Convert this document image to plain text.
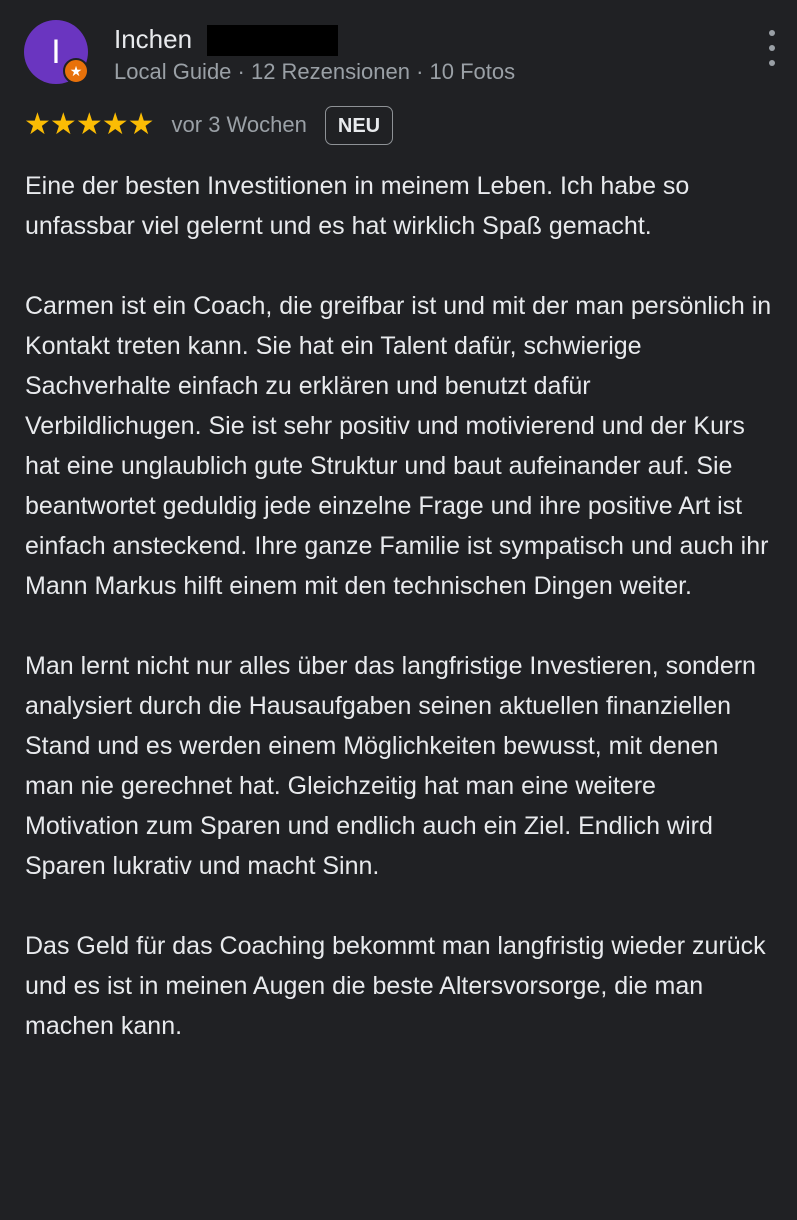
I ★
Inchen
Local Guide · 12 Rezensionen · 10 Fotos
★ ★ ★ ★ ★ vor 3 Wochen	NEU

Eine der besten Investitionen in meinem Leben. Ich habe so unfassbar viel gelernt und es hat wirklich Spaß gemacht.

Carmen ist ein Coach, die greifbar ist und mit der man persönlich in Kontakt treten kann. Sie hat ein Talent dafür, schwierige Sachverhalte einfach zu erklären und benutzt dafür Verbildlichugen. Sie ist sehr positiv und motivierend und der Kurs hat eine unglaublich gute Struktur und baut aufeinander auf. Sie beantwortet geduldig jede einzelne Frage und ihre positive Art ist einfach ansteckend. Ihre ganze Familie ist sympatisch und auch ihr Mann Markus hilft einem mit den technischen Dingen weiter.

Man lernt nicht nur alles über das langfristige Investieren, sondern analysiert durch die Hausaufgaben seinen aktuellen finanziellen Stand und es werden einem Möglichkeiten bewusst, mit denen man nie gerechnet hat. Gleichzeitig hat man eine weitere Motivation zum Sparen und endlich auch ein Ziel. Endlich wird Sparen lukrativ und macht Sinn.

Das Geld für das Coaching bekommt man langfristig wieder zurück und es ist in meinen Augen die beste Altersvorsorge, die man machen kann.
